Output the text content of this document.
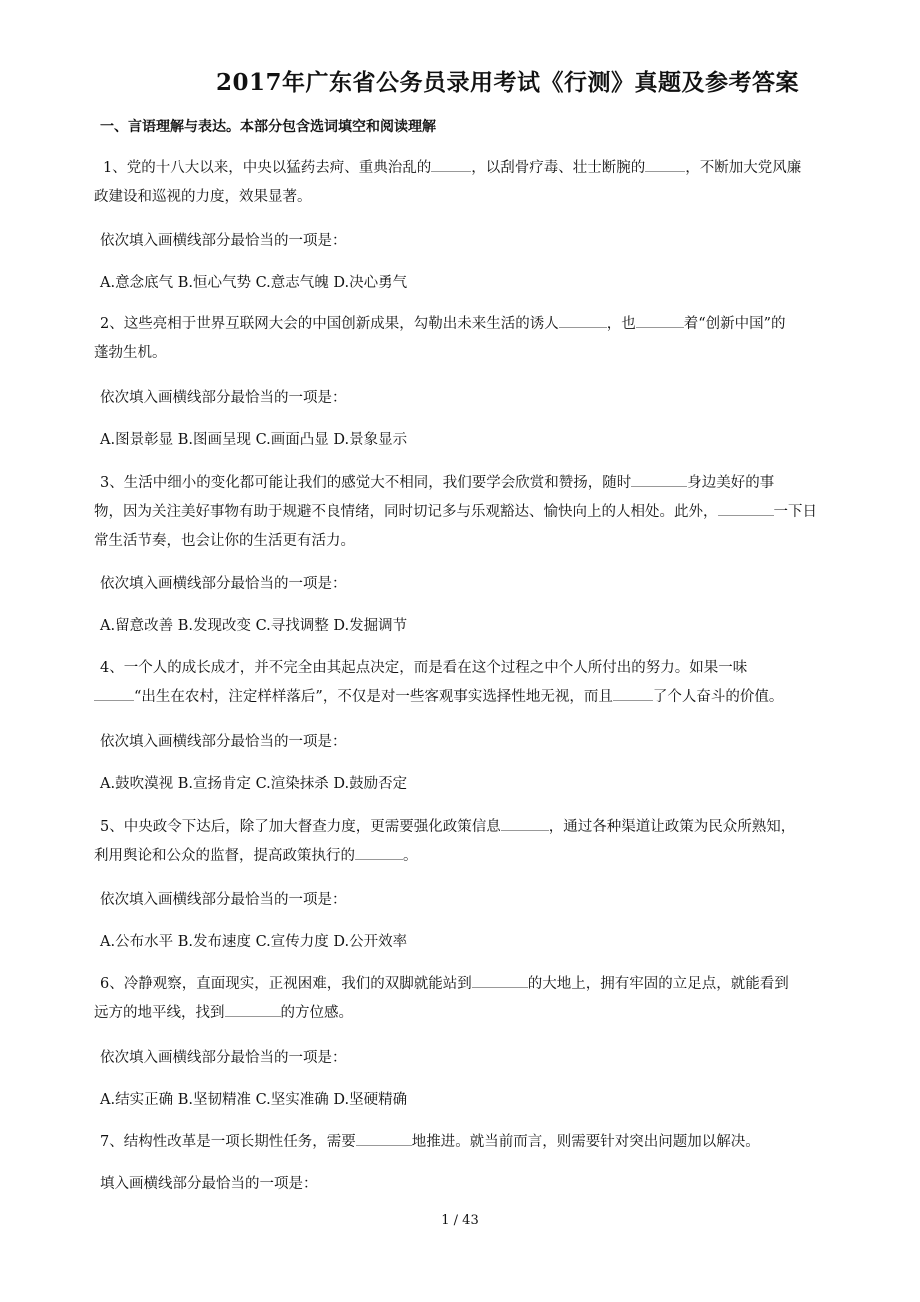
2017年广东省公务员录用考试《行测》真题及参考答案
一、言语理解与表达。本部分包含选词填空和阅读理解
1、党的十八大以来，中央以猛药去疴、重典治乱的	，以刮骨疗毒、壮士断腕的	，不断加大党风廉
政建设和巡视的力度，效果显著。
依次填入画横线部分最恰当的一项是：
A.意念底气 B.恒心气势 C.意志气魄 D.决心勇气
2、这些亮相于世界互联网大会的中国创新成果，勾勒出未来生活的诱人	，也	着“创新中国”的
蓬勃生机。
依次填入画横线部分最恰当的一项是：
A.图景彰显 B.图画呈现 C.画面凸显 D.景象显示
3、生活中细小的变化都可能让我们的感觉大不相同，我们要学会欣赏和赞扬，随时	身边美好的事
物，因为关注美好事物有助于规避不良情绪，同时切记多与乐观豁达、愉快向上的人相处。此外，	一下日
常生活节奏，也会让你的生活更有活力。
依次填入画横线部分最恰当的一项是：
A.留意改善 B.发现改变 C.寻找调整 D.发掘调节
4、一个人的成长成才，并不完全由其起点决定，而是看在这个过程之中个人所付出的努力。如果一味
“出生在农村，注定样样落后”，不仅是对一些客观事实选择性地无视，而且	了个人奋斗的价值。
依次填入画横线部分最恰当的一项是：
A.鼓吹漠视 B.宣扬肯定 C.渲染抹杀 D.鼓励否定
5、中央政令下达后，除了加大督查力度，更需要强化政策信息	，通过各种渠道让政策为民众所熟知，
利用舆论和公众的监督，提高政策执行的	。
依次填入画横线部分最恰当的一项是：
A.公布水平 B.发布速度 C.宣传力度 D.公开效率
6、冷静观察，直面现实，正视困难，我们的双脚就能站到	的大地上，拥有牢固的立足点，就能看到
远方的地平线，找到	的方位感。
依次填入画横线部分最恰当的一项是：
A.结实正确 B.坚韧精准 C.坚实准确 D.坚硬精确
7、结构性改革是一项长期性任务，需要	地推进。就当前而言，则需要针对突出问题加以解决。
填入画横线部分最恰当的一项是：
1 / 43
